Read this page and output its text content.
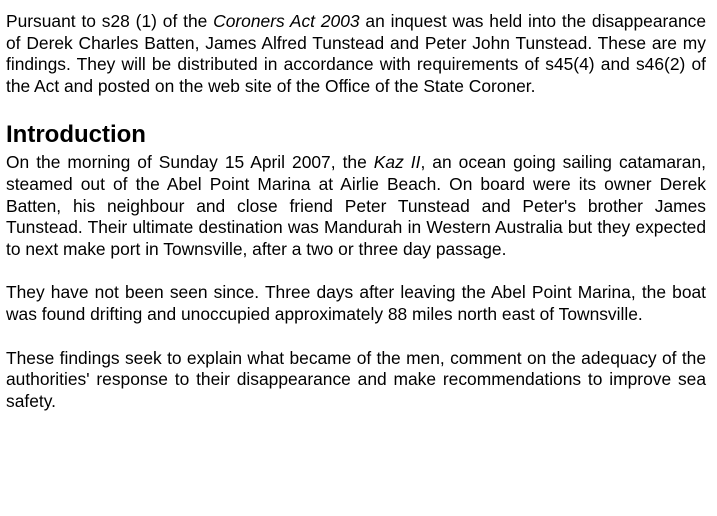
Pursuant to s28 (1) of the Coroners Act 2003 an inquest was held into the disappearance of Derek Charles Batten, James Alfred Tunstead and Peter John Tunstead. These are my findings. They will be distributed in accordance with requirements of s45(4) and s46(2) of the Act and posted on the web site of the Office of the State Coroner.

Introduction

On the morning of Sunday 15 April 2007, the Kaz II, an ocean going sailing catamaran, steamed out of the Abel Point Marina at Airlie Beach. On board were its owner Derek Batten, his neighbour and close friend Peter Tunstead and Peter's brother James Tunstead. Their ultimate destination was Mandurah in Western Australia but they expected to next make port in Townsville, after a two or three day passage.

They have not been seen since. Three days after leaving the Abel Point Marina, the boat was found drifting and unoccupied approximately 88 miles north east of Townsville.

These findings seek to explain what became of the men, comment on the adequacy of the authorities' response to their disappearance and make recommendations to improve sea safety.
